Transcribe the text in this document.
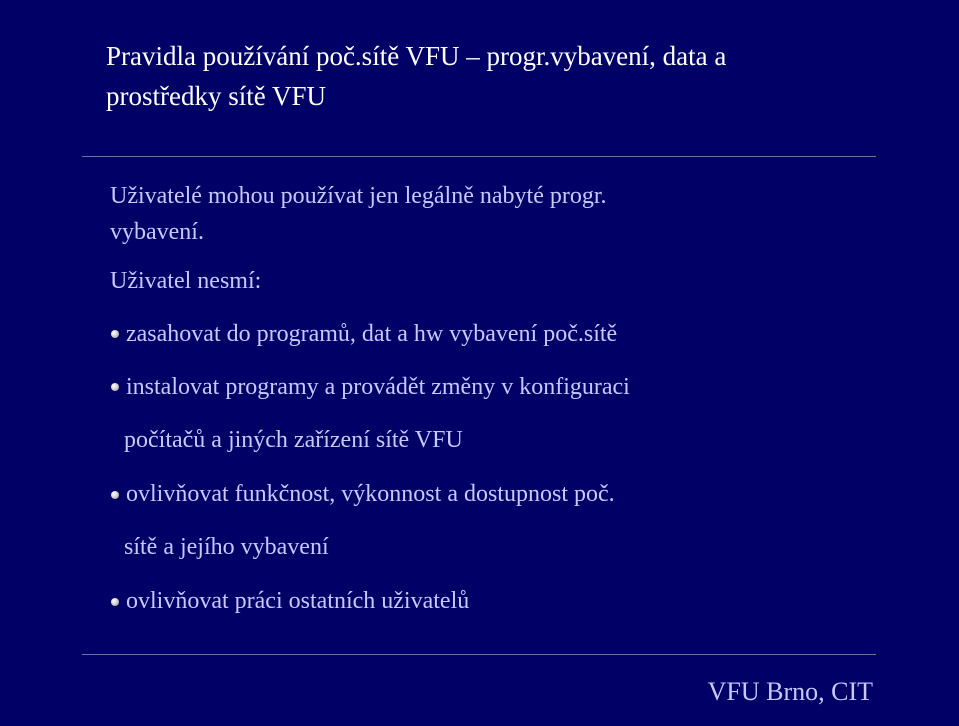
Pravidla používání poč.sítě VFU – progr.vybavení, data a
prostředky sítě VFU
Uživatelé mohou používat jen legálně nabyté progr.
vybavení.
Uživatel nesmí:
zasahovat do programů, dat a hw vybavení poč.sítě
instalovat programy a provádět změny v konfiguraci
počítačů a jiných zařízení sítě VFU
ovlivňovat funkčnost, výkonnost a dostupnost poč.
sítě a jejího vybavení
ovlivňovat práci ostatních uživatelů
VFU Brno, CIT
